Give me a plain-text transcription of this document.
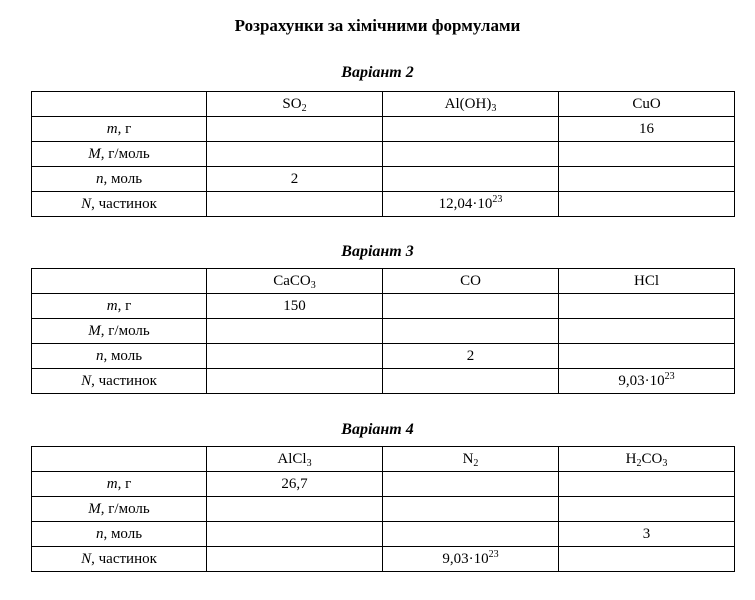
Розрахунки за хімічними формулами
Варіант 2
	$SO_2$	$Al(OH)_3$	CuO
m, г			16
M, г/моль			
n, моль	2		
N, частинок		$12,04\cdot 10^{23}$	
Варіант 3
	CaCO$_3$	CO	HCl
m, г	150		
M, г/моль			
n, моль		2	
N, частинок			$9,03\cdot 10^{23}$
Варіант 4
	AlCl$_3$	$N_2$	$H_2CO_3$
m, г	26,7		
M, г/моль			
n, моль			3
N, частинок		$9,03\cdot 10^{23}$	
